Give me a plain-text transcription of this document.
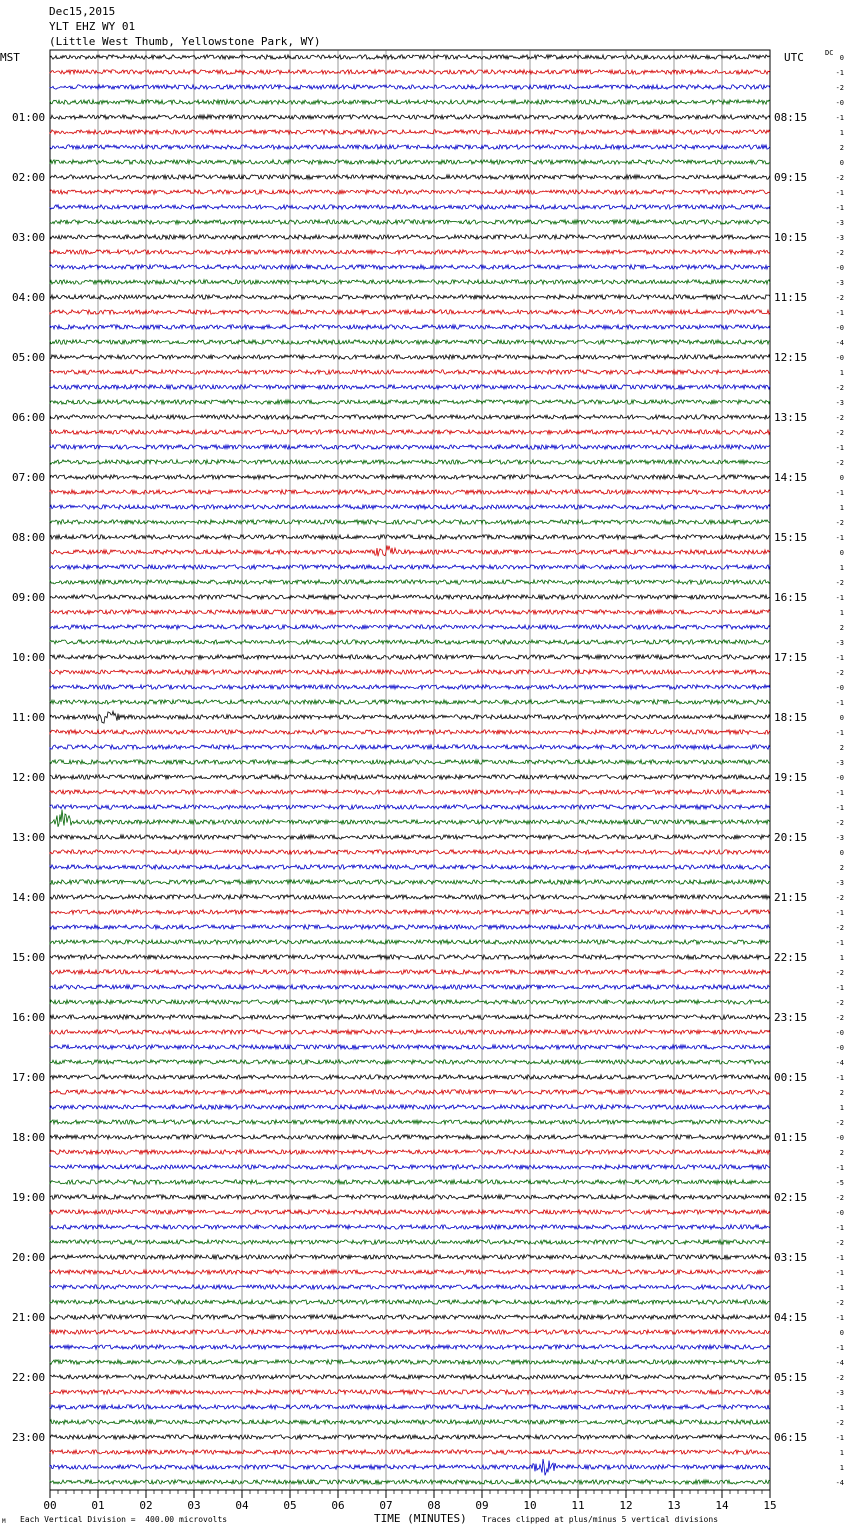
Dec15,2015
YLT EHZ WY 01
(Little West Thumb, Yellowstone Park, WY)
MST	UTC	DC
01:00
02:00
03:00
04:00
05:00
06:00
07:00
08:00
09:00
10:00
11:00
12:00
13:00
14:00
15:00
16:00
17:00
18:00
19:00
20:00
21:00
22:00
23:00
08:15
09:15
10:15
11:15
12:15
13:15
14:15
15:15
16:15
17:15
18:15
19:15
20:15
21:15
22:15
23:15
00:15
01:15
02:15
03:15
04:15
05:15
06:15
0
-1
-2
-0
-1
1
2
0
-2
-1
-1
-3
-3
-2
-0
-3
-2
-1
-0
-4
-0
1
-2
-3
-2
-2
-1
-2
0
-1
1
-2
-1
0
1
-2
-1
1
2
-3
-1
-2
-0
-1
0
-1
2
-3
-0
-1
-1
-2
-3
0
2
-3
-2
-1
-2
-1
1
-2
-1
-2
-2
-0
-0
-4
-1
2
1
-2
-0
2
-1
-5
-2
-0
-1
-2
-1
-1
-1
-2
-1
0
-1
-4
-2
-3
-1
-2
-1
1
1
-4
00	01	02	03	04	05	06	07	08	09	10	11	12	13	14	15
M Each Vertical Division =  400.00 microvolts	TIME (MINUTES) Traces clipped at plus/minus 5 vertical divisions
